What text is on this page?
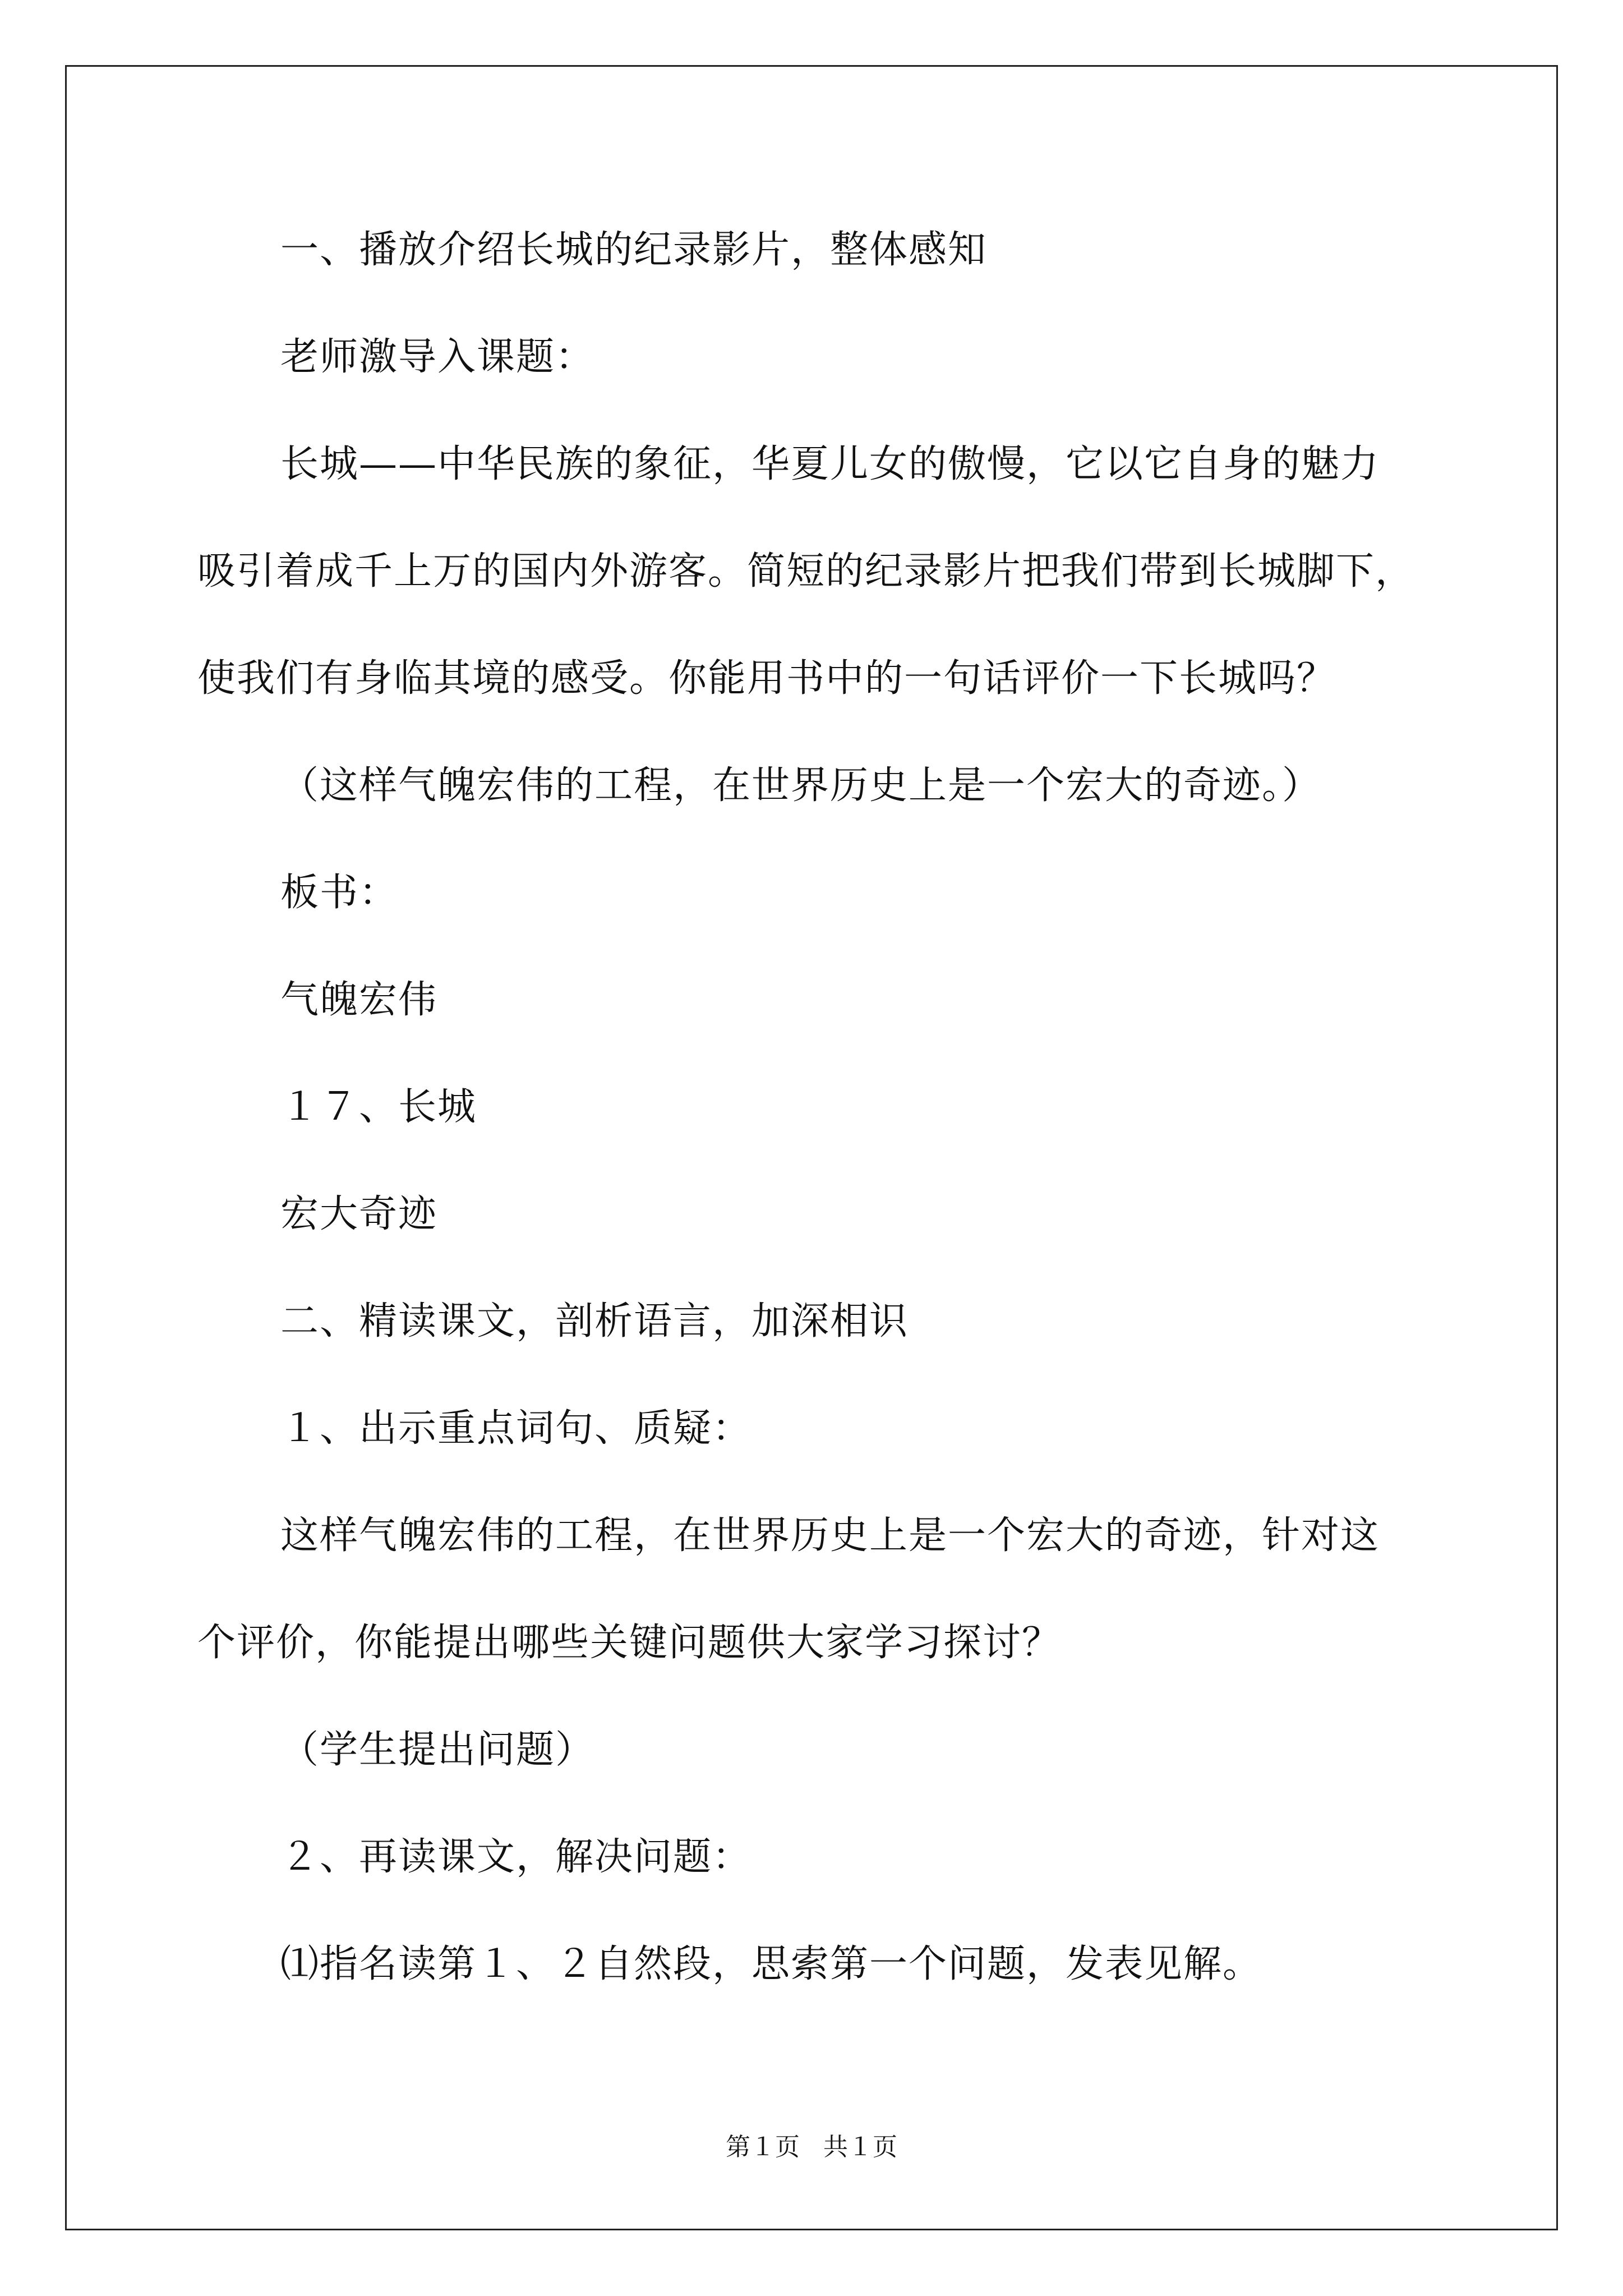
一、播放介绍长城的纪录影片，整体感知
老师激导入课题：
长城——中华民族的象征，华夏儿女的傲慢，它以它自身的魅力
吸引着成千上万的国内外游客。简短的纪录影片把我们带到长城脚下，
使我们有身临其境的感受。你能用书中的一句话评价一下长城吗？
（这样气魄宏伟的工程，在世界历史上是一个宏大的奇迹。）
板书：
气魄宏伟
１７、长城
宏大奇迹
二、精读课文，剖析语言，加深相识
１、出示重点词句、质疑：
这样气魄宏伟的工程，在世界历史上是一个宏大的奇迹，针对这
个评价，你能提出哪些关键问题供大家学习探讨？
（学生提出问题）
２、再读课文，解决问题：
⑴指名读第１、２自然段，思索第一个问题，发表见解。
第１页 共１页
